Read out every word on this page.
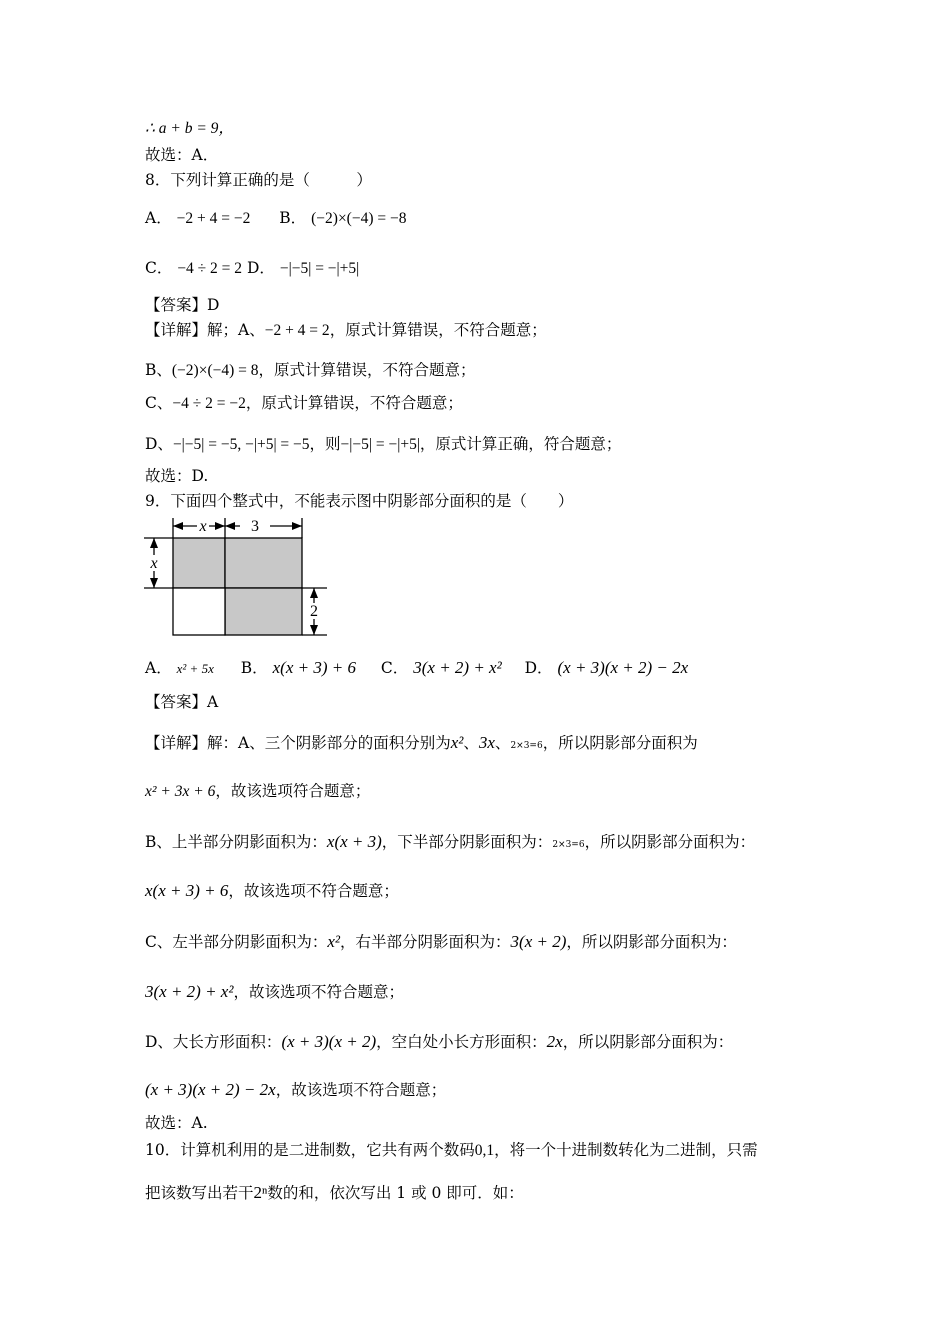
∴ a + b = 9，
故选：A．
8．下列计算正确的是（　　　）
A． −2 + 4 = −2 B． (−2)×(−4) = −8
C． −4 ÷ 2 = 2 D． −|−5| = −|+5|
【答案】D
【详解】解；A、−2 + 4 = 2，原式计算错误，不符合题意；
B、(−2)×(−4) = 8，原式计算错误，不符合题意；
C、−4 ÷ 2 = −2，原式计算错误，不符合题意；
D、−|−5| = −5, −|+5| = −5，则−|−5| = −|+5|，原式计算正确，符合题意；
故选：D.
9．下面四个整式中，不能表示图中阴影部分面积的是（　　）
x	3
x
2
A． x² + 5x B． x(x + 3) + 6 C． 3(x + 2) + x² D． (x + 3)(x + 2) − 2x
【答案】A
【详解】解：A、三个阴影部分的面积分别为x²、3x、2×3=6，所以阴影部分面积为
x² + 3x + 6，故该选项符合题意；
B、上半部分阴影面积为：x(x + 3)，下半部分阴影面积为：2×3=6，所以阴影部分面积为：
x(x + 3) + 6，故该选项不符合题意；
C、左半部分阴影面积为：x²，右半部分阴影面积为：3(x + 2)，所以阴影部分面积为：
3(x + 2) + x²，故该选项不符合题意；
D、大长方形面积：(x + 3)(x + 2)，空白处小长方形面积：2x，所以阴影部分面积为：
(x + 3)(x + 2) − 2x，故该选项不符合题意；
故选：A.
10．计算机利用的是二进制数，它共有两个数码0,1，将一个十进制数转化为二进制，只需
把该数写出若干2ⁿ数的和，依次写出 1 或 0 即可．如：
